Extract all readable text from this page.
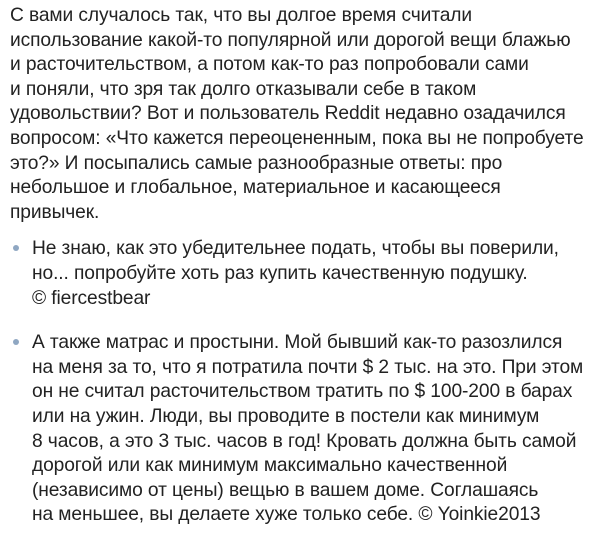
С вами случалось так, что вы долгое время считали
использование какой-то популярной или дорогой вещи блажью
и расточительством, а потом как-то раз попробовали сами
и поняли, что зря так долго отказывали себе в таком
удовольствии? Вот и пользователь Reddit недавно озадачился
вопросом: «Что кажется переоцененным, пока вы не попробуете
это?» И посыпались самые разнообразные ответы: про
небольшое и глобальное, материальное и касающееся
привычек.

Не знаю, как это убедительнее подать, чтобы вы поверили,
но... попробуйте хоть раз купить качественную подушку.
© fiercestbear
А также матрас и простыни. Мой бывший как-то разозлился
на меня за то, что я потратила почти $ 2 тыс. на это. При этом
он не считал расточительством тратить по $ 100-200 в барах
или на ужин. Люди, вы проводите в постели как минимум
8 часов, а это 3 тыс. часов в год! Кровать должна быть самой
дорогой или как минимум максимально качественной
(независимо от цены) вещью в вашем доме. Соглашаясь
на меньшее, вы делаете хуже только себе. © Yoinkie2013
